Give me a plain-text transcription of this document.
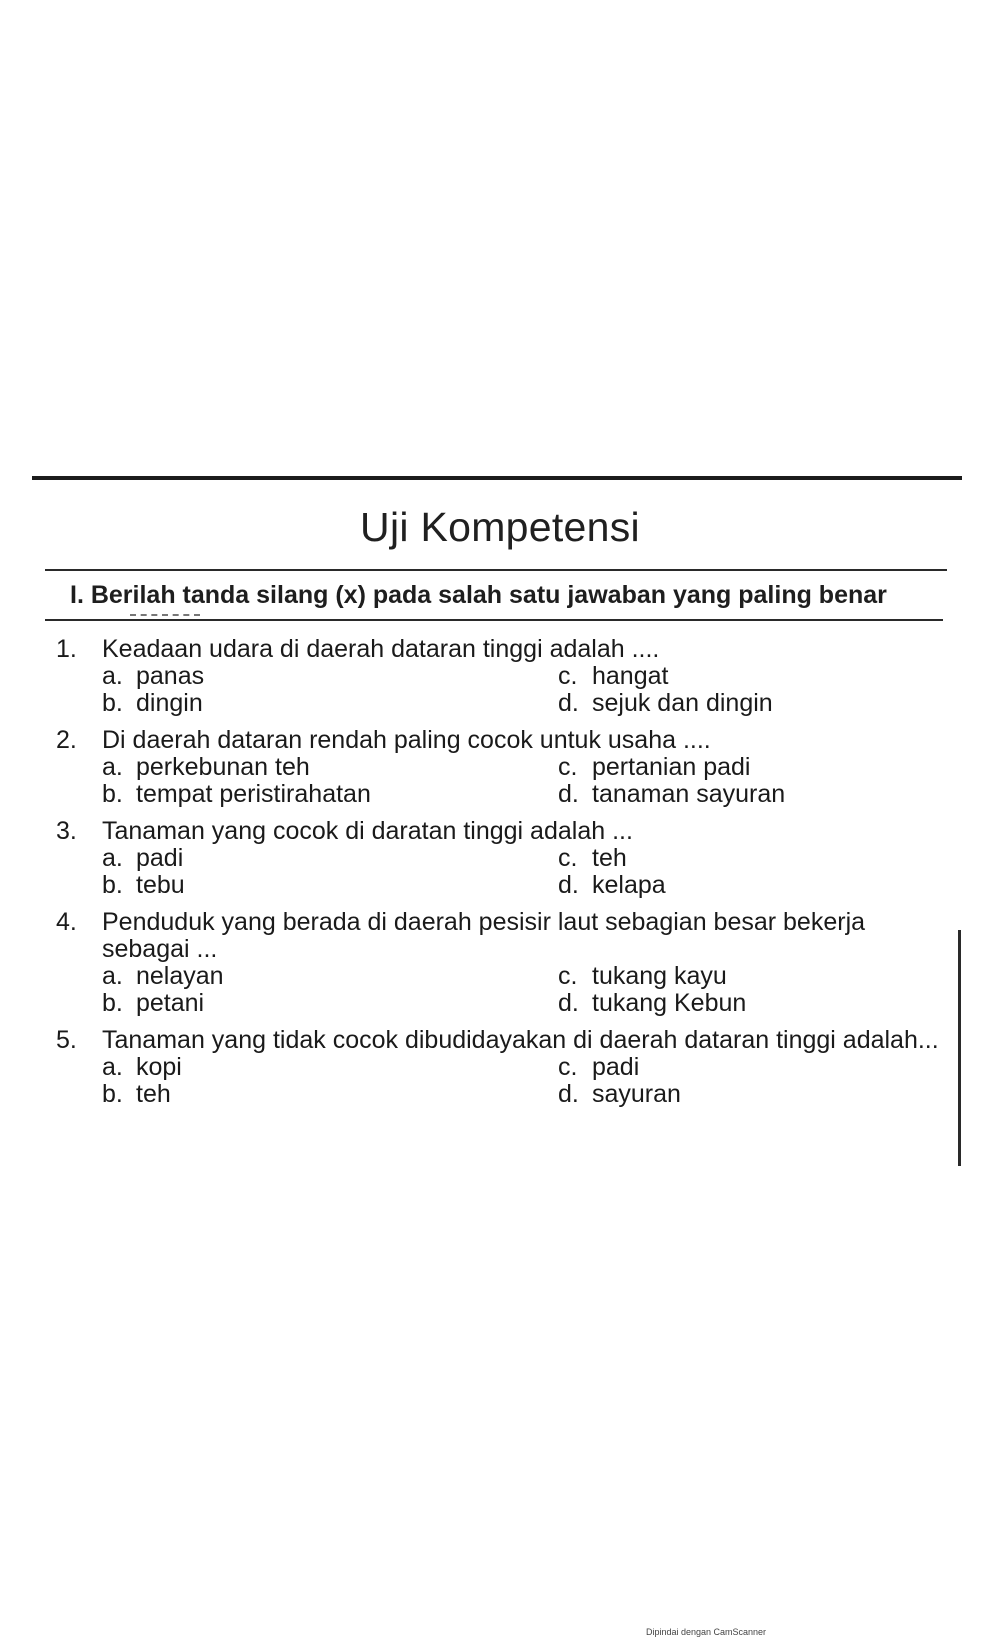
Uji Kompetensi
I. Berilah tanda silang (x) pada salah satu jawaban yang paling benar
1.	Keadaan udara di daerah dataran tinggi adalah ....
a. panas	c. hangat
b. dingin	d. sejuk dan dingin
2.	Di daerah dataran rendah paling cocok untuk usaha ....
a. perkebunan teh	c. pertanian padi
b. tempat peristirahatan	d. tanaman sayuran
3.	Tanaman yang cocok di daratan tinggi adalah ...
a. padi	c. teh
b. tebu	d. kelapa
4.	Penduduk yang berada di daerah pesisir laut sebagian besar bekerja sebagai ...
a. nelayan	c. tukang kayu
b. petani	d. tukang Kebun
5.	Tanaman yang tidak cocok dibudidayakan di daerah dataran tinggi adalah...
a. kopi	c. padi
b. teh	d. sayuran
Dipindai dengan CamScanner
